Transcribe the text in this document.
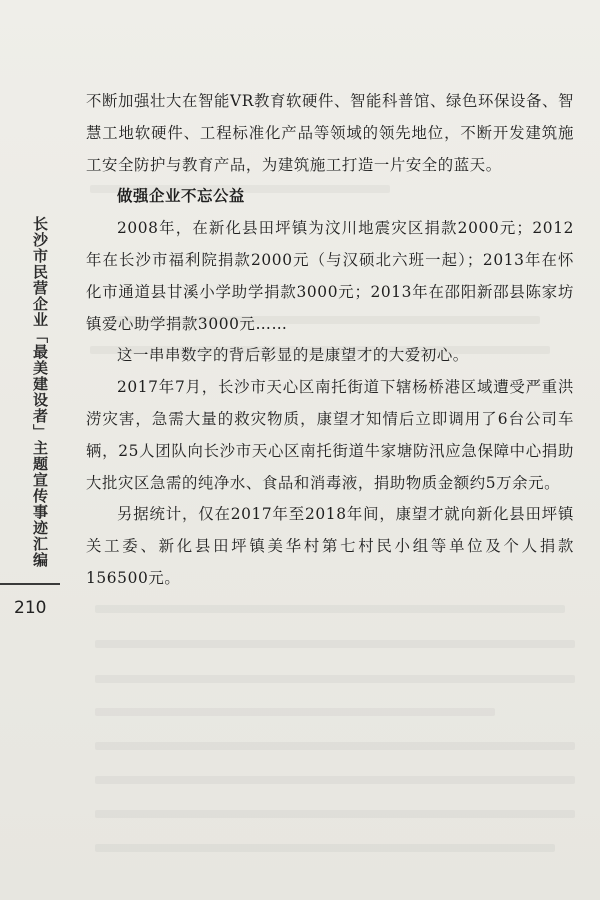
长沙市民营企业「最美建设者」主题宣传事迹汇编
210

不断加强壮大在智能VR教育软硬件、智能科普馆、绿色环保设备、智慧工地软硬件、工程标准化产品等领域的领先地位，不断开发建筑施工安全防护与教育产品，为建筑施工打造一片安全的蓝天。

做强企业不忘公益

2008年，在新化县田坪镇为汶川地震灾区捐款2000元；2012年在长沙市福利院捐款2000元（与汉硕北六班一起）；2013年在怀化市通道县甘溪小学助学捐款3000元；2013年在邵阳新邵县陈家坊镇爱心助学捐款3000元……

这一串串数字的背后彰显的是康望才的大爱初心。

2017年7月，长沙市天心区南托街道下辖杨桥港区域遭受严重洪涝灾害，急需大量的救灾物质，康望才知情后立即调用了6台公司车辆，25人团队向长沙市天心区南托街道牛家塘防汛应急保障中心捐助大批灾区急需的纯净水、食品和消毒液，捐助物质金额约5万余元。

另据统计，仅在2017年至2018年间，康望才就向新化县田坪镇关工委、新化县田坪镇美华村第七村民小组等单位及个人捐款156500元。
